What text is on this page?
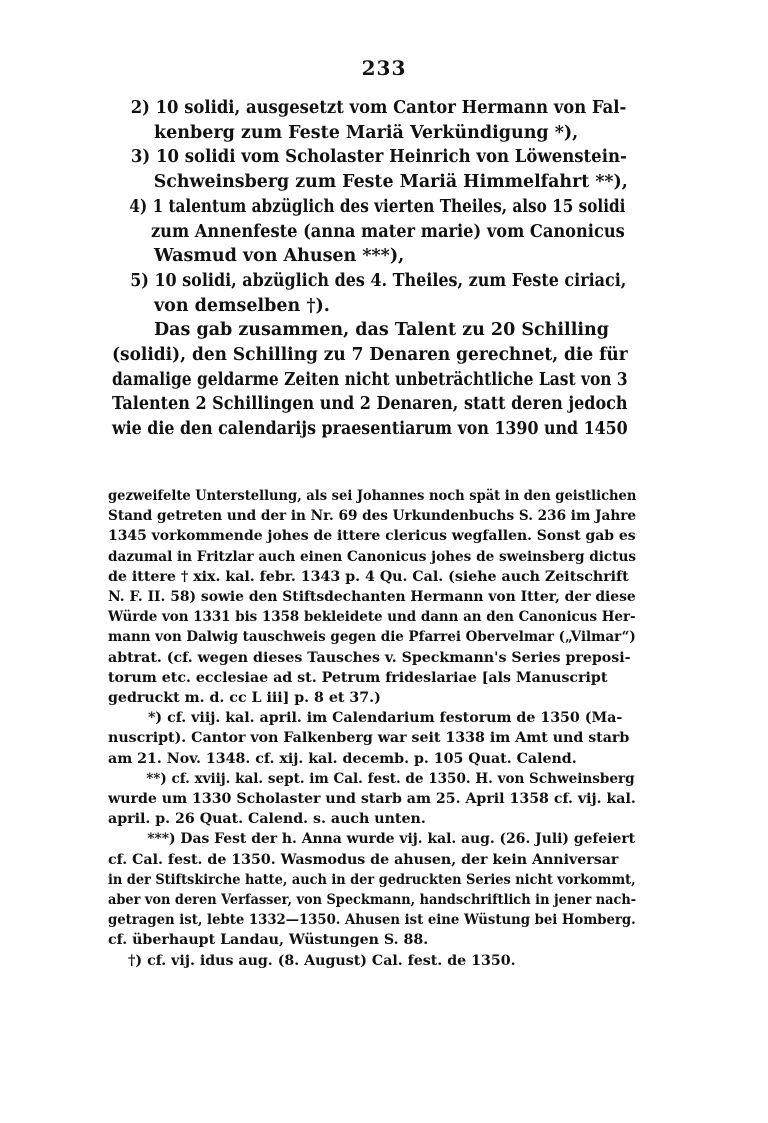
233
2) 10 solidi, ausgesetzt vom Cantor Hermann von Fal-
kenberg zum Feste Mariä Verkündigung *),
3) 10 solidi vom Scholaster Heinrich von Löwenstein-
Schweinsberg zum Feste Mariä Himmelfahrt **),
4) 1 talentum abzüglich des vierten Theiles, also 15 solidi
zum Annenfeste (anna mater marie) vom Canonicus
Wasmud von Ahusen ***),
5) 10 solidi, abzüglich des 4. Theiles, zum Feste ciriaci,
von demselben †).
Das gab zusammen, das Talent zu 20 Schilling
(solidi), den Schilling zu 7 Denaren gerechnet, die für
damalige geldarme Zeiten nicht unbeträchtliche Last von 3
Talenten 2 Schillingen und 2 Denaren, statt deren jedoch
wie die den calendarijs praesentiarum von 1390 und 1450
gezweifelte Unterstellung, als sei Johannes noch spät in den geistlichen
Stand getreten und der in Nr. 69 des Urkundenbuchs S. 236 im Jahre
1345 vorkommende johes de ittere clericus wegfallen. Sonst gab es
dazumal in Fritzlar auch einen Canonicus johes de sweinsberg dictus
de ittere † xix. kal. febr. 1343 p. 4 Qu. Cal. (siehe auch Zeitschrift
N. F. II. 58) sowie den Stiftsdechanten Hermann von Itter, der diese
Würde von 1331 bis 1358 bekleidete und dann an den Canonicus Her-
mann von Dalwig tauschweis gegen die Pfarrei Obervelmar („Vilmar“)
abtrat. (cf. wegen dieses Tausches v. Speckmann's Series preposi-
torum etc. ecclesiae ad st. Petrum frideslariae [als Manuscript
gedruckt m. d. cc L iii] p. 8 et 37.)
*) cf. viij. kal. april. im Calendarium festorum de 1350 (Ma-
nuscript). Cantor von Falkenberg war seit 1338 im Amt und starb
am 21. Nov. 1348. cf. xij. kal. decemb. p. 105 Quat. Calend.
**) cf. xviij. kal. sept. im Cal. fest. de 1350. H. von Schweinsberg
wurde um 1330 Scholaster und starb am 25. April 1358 cf. vij. kal.
april. p. 26 Quat. Calend. s. auch unten.
***) Das Fest der h. Anna wurde vij. kal. aug. (26. Juli) gefeiert
cf. Cal. fest. de 1350. Wasmodus de ahusen, der kein Anniversar
in der Stiftskirche hatte, auch in der gedruckten Series nicht vorkommt,
aber von deren Verfasser, von Speckmann, handschriftlich in jener nach-
getragen ist, lebte 1332—1350. Ahusen ist eine Wüstung bei Homberg.
cf. überhaupt Landau, Wüstungen S. 88.
†) cf. vij. idus aug. (8. August) Cal. fest. de 1350.
